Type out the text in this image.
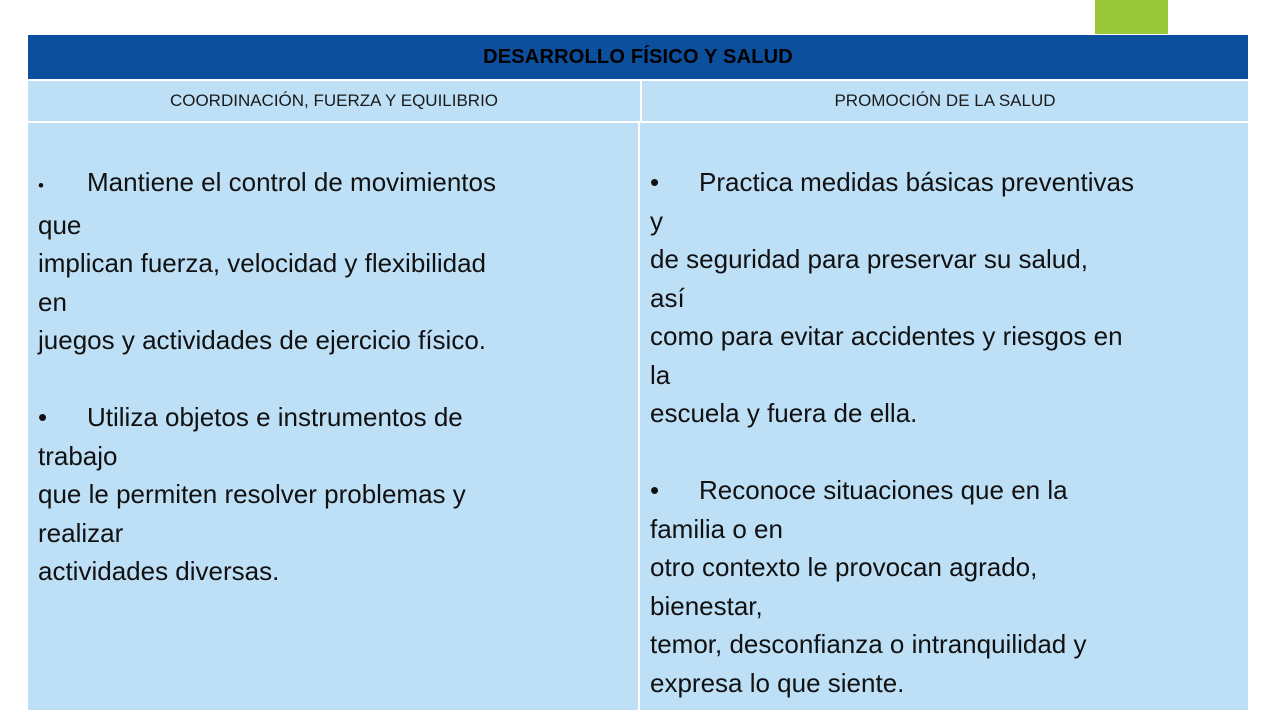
DESARROLLO FÍSICO Y SALUD
COORDINACIÓN, FUERZA Y EQUILIBRIO	PROMOCIÓN DE LA SALUD

• Mantiene el control de movimientos
que
implican fuerza, velocidad y flexibilidad
en
juegos y actividades de ejercicio físico.

• Utiliza objetos e instrumentos de
trabajo
que le permiten resolver problemas y
realizar
actividades diversas.

• Practica medidas básicas preventivas
y
de seguridad para preservar su salud,
así
como para evitar accidentes y riesgos en
la
escuela y fuera de ella.

• Reconoce situaciones que en la
familia o en
otro contexto le provocan agrado,
bienestar,
temor, desconfianza o intranquilidad y
expresa lo que siente.
